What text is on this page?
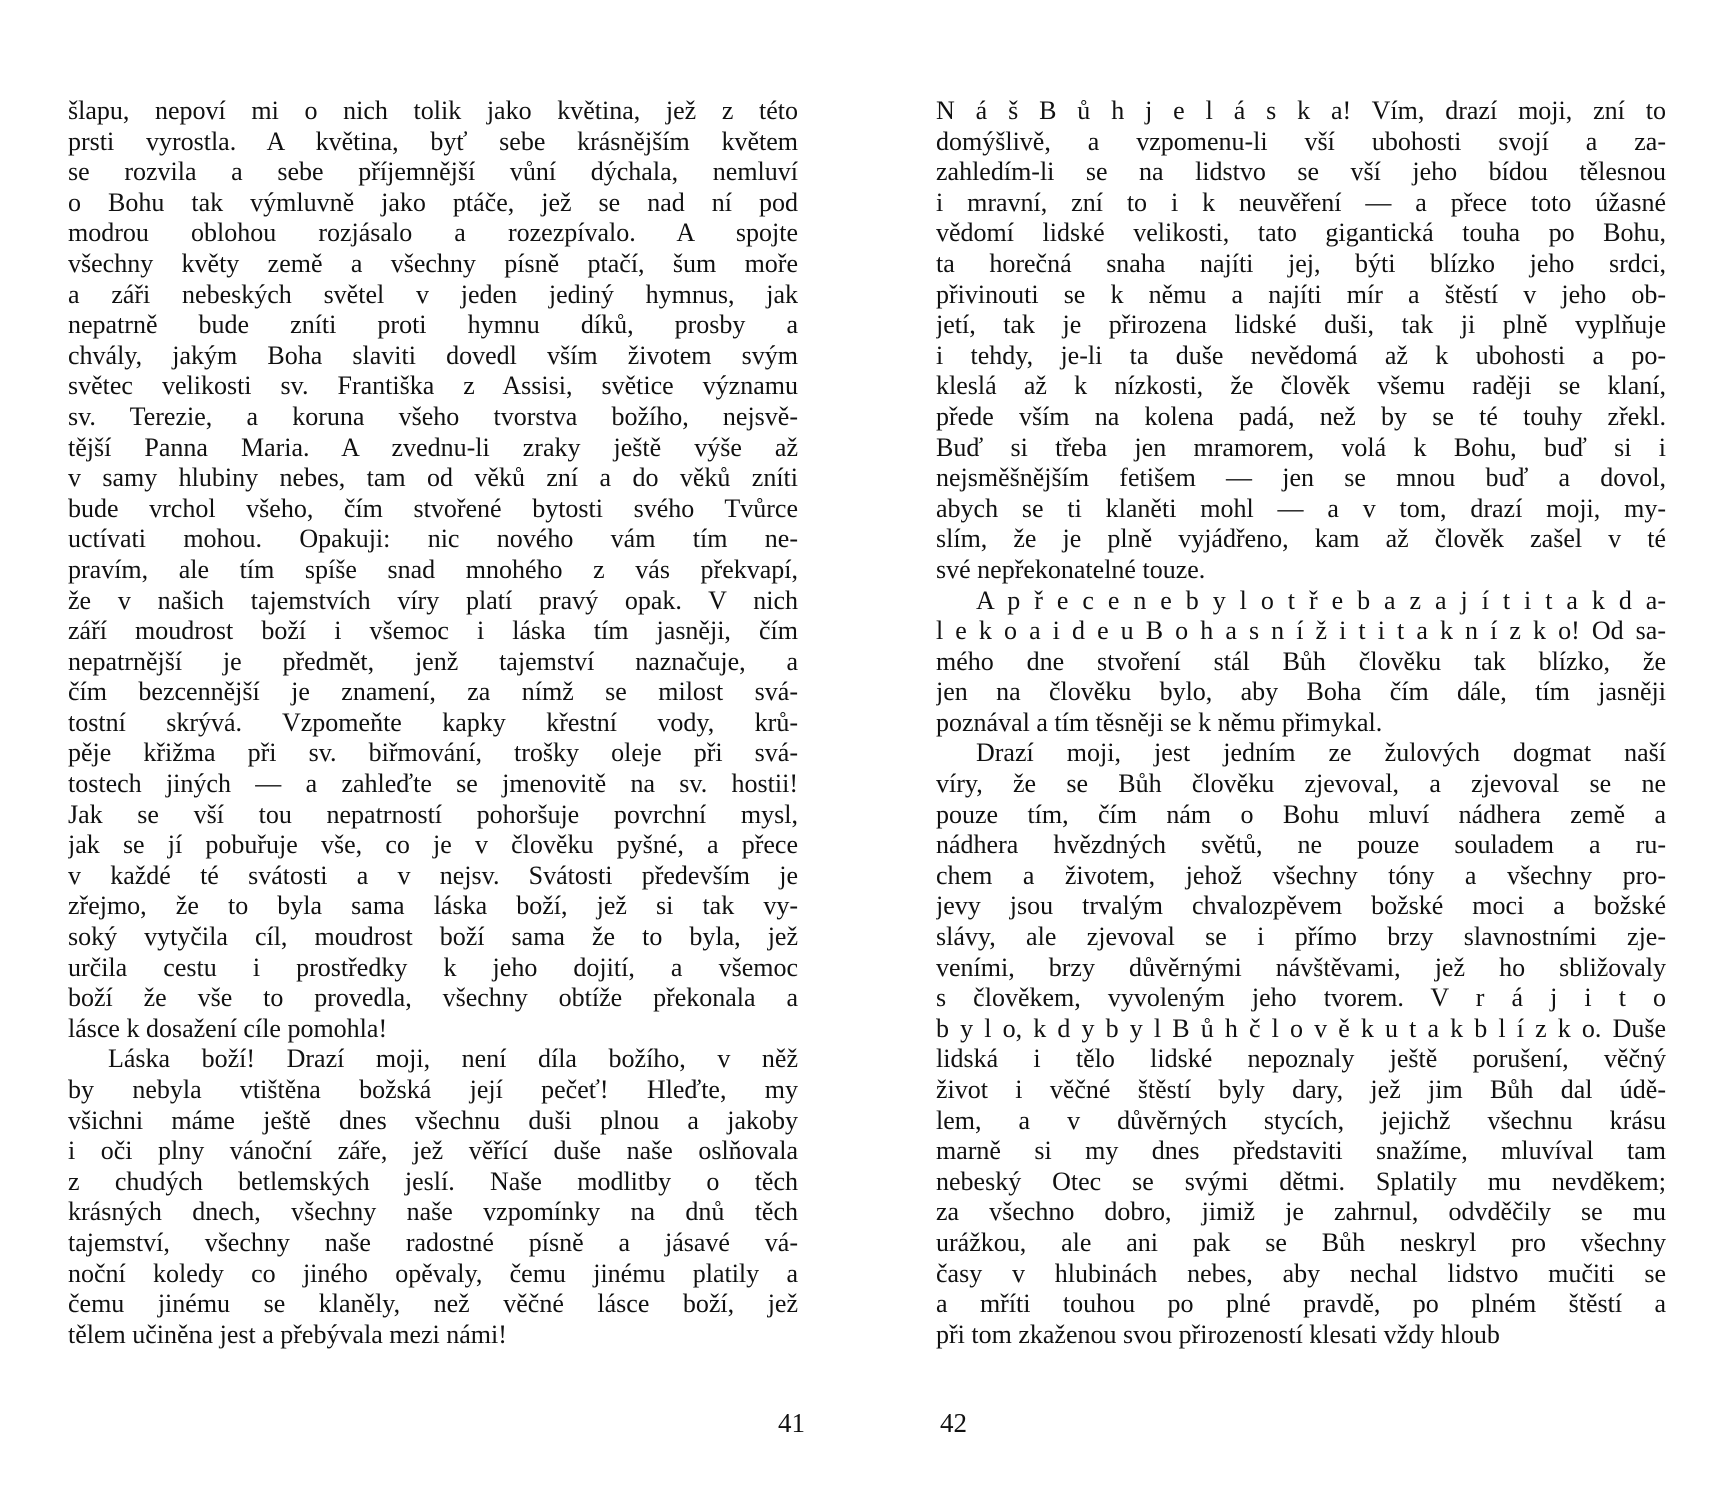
šlapu, nepoví mi o nich tolik jako květina, jež z této
prsti vyrostla. A květina, byť sebe krásnějším květem
se rozvila a sebe příjemnější vůní dýchala, nemluví
o Bohu tak výmluvně jako ptáče, jež se nad ní pod
modrou oblohou rozjásalo a rozezpívalo. A spojte
všechny květy země a všechny písně ptačí, šum moře
a záři nebeských světel v jeden jediný hymnus, jak
nepatrně bude zníti proti hymnu díků, prosby a
chvály, jakým Boha slaviti dovedl vším životem svým
světec velikosti sv. Františka z Assisi, světice významu
sv. Terezie, a koruna všeho tvorstva božího, nejsvě-
tější Panna Maria. A zvednu-li zraky ještě výše až
v samy hlubiny nebes, tam od věků zní a do věků zníti
bude vrchol všeho, čím stvořené bytosti svého Tvůrce
uctívati mohou. Opakuji: nic nového vám tím ne-
pravím, ale tím spíše snad mnohého z vás překvapí,
že v našich tajemstvích víry platí pravý opak. V nich
září moudrost boží i všemoc i láska tím jasněji, čím
nepatrnější je předmět, jenž tajemství naznačuje, a
čím bezcennější je znamení, za nímž se milost svá-
tostní skrývá. Vzpomeňte kapky křestní vody, krů-
pěje křižma při sv. biřmování, trošky oleje při svá-
tostech jiných — a zahleďte se jmenovitě na sv. hostii!
Jak se vší tou nepatrností pohoršuje povrchní mysl,
jak se jí pobuřuje vše, co je v člověku pyšné, a přece
v každé té svátosti a v nejsv. Svátosti především je
zřejmo, že to byla sama láska boží, jež si tak vy-
soký vytyčila cíl, moudrost boží sama že to byla, jež
určila cestu i prostředky k jeho dojití, a všemoc
boží že vše to provedla, všechny obtíže překonala a
lásce k dosažení cíle pomohla!
Láska boží! Drazí moji, není díla božího, v něž
by nebyla vtištěna božská její pečeť! Hleďte, my
všichni máme ještě dnes všechnu duši plnou a jakoby
i oči plny vánoční záře, jež věřící duše naše oslňovala
z chudých betlemských jeslí. Naše modlitby o těch
krásných dnech, všechny naše vzpomínky na dnů těch
tajemství, všechny naše radostné písně a jásavé vá-
noční koledy co jiného opěvaly, čemu jinému platily a
čemu jinému se klaněly, než věčné lásce boží, jež
tělem učiněna jest a přebývala mezi námi!
N á š B ů h j e l á s k a! Vím, drazí moji, zní to
domýšlivě, a vzpomenu-li vší ubohosti svojí a za-
zahledím-li se na lidstvo se vší jeho bídou tělesnou
i mravní, zní to i k neuvěření — a přece toto úžasné
vědomí lidské velikosti, tato gigantická touha po Bohu,
ta horečná snaha najíti jej, býti blízko jeho srdci,
přivinouti se k němu a najíti mír a štěstí v jeho ob-
jetí, tak je přirozena lidské duši, tak ji plně vyplňuje
i tehdy, je-li ta duše nevědomá až k ubohosti a po-
kleslá až k nízkosti, že člověk všemu raději se klaní,
přede vším na kolena padá, než by se té touhy zřekl.
Buď si třeba jen mramorem, volá k Bohu, buď si i
nejsměšnějším fetišem — jen se mnou buď a dovol,
abych se ti klaněti mohl — a v tom, drazí moji, my-
slím, že je plně vyjádřeno, kam až člověk zašel v té
své nepřekonatelné touze.
A p ř e c e n e b y l o t ř e b a z a j í t i t a k d a-
l e k o a i d e u B o h a s n í ž i t i t a k n í z k o! Od sa-
mého dne stvoření stál Bůh člověku tak blízko, že
jen na člověku bylo, aby Boha čím dále, tím jasněji
poznával a tím těsněji se k němu přimykal.
Drazí moji, jest jedním ze žulových dogmat naší
víry, že se Bůh člověku zjevoval, a zjevoval se ne
pouze tím, čím nám o Bohu mluví nádhera země a
nádhera hvězdných světů, ne pouze souladem a ru-
chem a životem, jehož všechny tóny a všechny pro-
jevy jsou trvalým chvalozpěvem božské moci a božské
slávy, ale zjevoval se i přímo brzy slavnostními zje-
veními, brzy důvěrnými návštěvami, jež ho sbližovaly
s člověkem, vyvoleným jeho tvorem. V r á j i t o
b y l o, k d y b y l B ů h č l o v ě k u t a k b l í z k o. Duše
lidská i tělo lidské nepoznaly ještě porušení, věčný
život i věčné štěstí byly dary, jež jim Bůh dal údě-
lem, a v důvěrných stycích, jejichž všechnu krásu
marně si my dnes představiti snažíme, mluvíval tam
nebeský Otec se svými dětmi. Splatily mu nevděkem;
za všechno dobro, jimiž je zahrnul, odvděčily se mu
urážkou, ale ani pak se Bůh neskryl pro všechny
časy v hlubinách nebes, aby nechal lidstvo mučiti se
a mříti touhou po plné pravdě, po plném štěstí a
při tom zkaženou svou přirozeností klesati vždy hloub
41	42
